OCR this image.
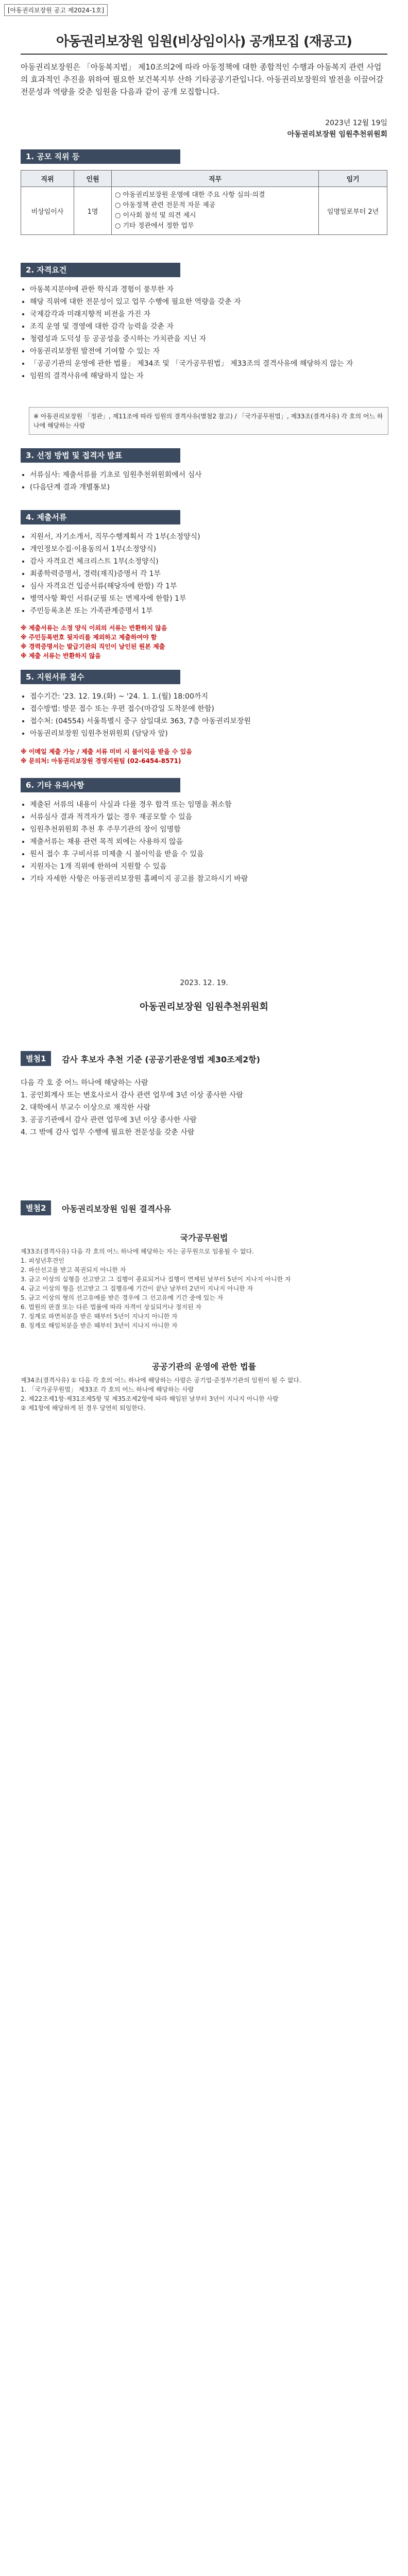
[아동권리보장원 공고 제2024-1호]
아동권리보장원 임원(비상임이사) 공개모집 (재공고)
아동권리보장원은 「아동복지법」 제10조의2에 따라 아동정책에 대한 종합적인 수행과 아동복지 관련 사업의 효과적인 추진을 위하여 필요한 보건복지부 산하 기타공공기관입니다. 아동권리보장원의 발전을 이끌어갈 전문성과 역량을 갖춘 임원을 다음과 같이 공개 모집합니다.
2023년 12월 19일
아동권리보장원 임원추천위원회
1. 공모 직위 등
직위	인원	직무	임기
비상임이사	1명	○ 아동권리보장원 운영에 대한 주요 사항 심의·의결
○ 아동정책 관련 전문적 자문 제공
○ 이사회 참석 및 의견 제시
○ 기타 정관에서 정한 업무	임명일로부터 2년
2. 자격요건
• 아동복지분야에 관한 학식과 경험이 풍부한 자
• 해당 직위에 대한 전문성이 있고 업무 수행에 필요한 역량을 갖춘 자
• 국제감각과 미래지향적 비전을 가진 자
• 조직 운영 및 경영에 대한 감각 능력을 갖춘 자
• 청렴성과 도덕성 등 공공성을 중시하는 가치관을 지닌 자
• 아동권리보장원 발전에 기여할 수 있는 자
• 「공공기관의 운영에 관한 법률」 제34조 및 「국가공무원법」 제33조의 결격사유에 해당하지 않는 자
• 임원의 결격사유에 해당하지 않는 자
※ 아동권리보장원 「정관」, 제11조에 따라 임원의 결격사유(별첨2 참고) / 「국가공무원법」, 제33조(결격사유) 각 호의 어느 하나에 해당하는 사람
3. 선정 방법 및 접격자 발표
• 서류심사: 제출서류를 기초로 임원추천위원회에서 심사
• (다음단계 결과 개별통보)
4. 제출서류
• 지원서, 자기소개서, 직무수행계획서 각 1부(소정양식)
• 개인정보수집·이용동의서 1부(소정양식)
• 감사 자격요건 체크리스트 1부(소정양식)
• 최종학력증명서, 경력(재직)증명서 각 1부
• 심사 자격요건 입증서류(해당자에 한함) 각 1부
• 병역사항 확인 서류(군필 또는 면제자에 한함) 1부
• 주민등록초본 또는 가족관계증명서 1부
※ 제출서류는 소정 양식 이외의 서류는 반환하지 않음
※ 주민등록번호 뒷자리를 제외하고 제출하여야 함
※ 경력증명서는 발급기관의 직인이 날인된 원본 제출
※ 제출 서류는 반환하지 않음
5. 지원서류 접수
• 접수기간: '23. 12. 19.(화) ~ '24. 1. 1.(월) 18:00까지
• 접수방법: 방문 접수 또는 우편 접수(마감일 도착분에 한함)
• 접수처: (04554) 서울특별시 중구 삼일대로 363, 7층 아동권리보장원
• 아동권리보장원 임원추천위원회 (담당자 앞)
※ 이메일 제출 가능 / 제출 서류 미비 시 불이익을 받을 수 있음
※ 문의처: 아동권리보장원 경영지원팀 (02-6454-8571)
6. 기타 유의사항
• 제출된 서류의 내용이 사실과 다를 경우 합격 또는 임명을 취소함
• 서류심사 결과 적격자가 없는 경우 재공모할 수 있음
• 임원추천위원회 추천 후 주무기관의 장이 임명함
• 제출서류는 채용 관련 목적 외에는 사용하지 않음
• 원서 접수 후 구비서류 미제출 시 불이익을 받을 수 있음
• 지원자는 1개 직위에 한하여 지원할 수 있음
• 기타 자세한 사항은 아동권리보장원 홈페이지 공고를 참고하시기 바람
2023. 12. 19.
아동권리보장원 임원추천위원회
별첨1	감사 후보자 추천 기준 (공공기관운영법 제30조제2항)
다음 각 호 중 어느 하나에 해당하는 사람
1. 공인회계사 또는 변호사로서 감사 관련 업무에 3년 이상 종사한 사람
2. 대학에서 부교수 이상으로 재직한 사람
3. 공공기관에서 감사 관련 업무에 3년 이상 종사한 사람
4. 그 밖에 감사 업무 수행에 필요한 전문성을 갖춘 사람
별첨2	아동권리보장원 임원 결격사유
국가공무원법
제33조(결격사유) 다음 각 호의 어느 하나에 해당하는 자는 공무원으로 임용될 수 없다.
1. 피성년후견인
2. 파산선고를 받고 복권되지 아니한 자
3. 금고 이상의 실형을 선고받고 그 집행이 종료되거나 집행이 면제된 날부터 5년이 지나지 아니한 자
4. 금고 이상의 형을 선고받고 그 집행유예 기간이 끝난 날부터 2년이 지나지 아니한 자
5. 금고 이상의 형의 선고유예를 받은 경우에 그 선고유예 기간 중에 있는 자
6. 법원의 판결 또는 다른 법률에 따라 자격이 상실되거나 정지된 자
7. 징계로 파면처분을 받은 때부터 5년이 지나지 아니한 자
8. 징계로 해임처분을 받은 때부터 3년이 지나지 아니한 자
공공기관의 운영에 관한 법률
제34조(결격사유) ① 다음 각 호의 어느 하나에 해당하는 사람은 공기업·준정부기관의 임원이 될 수 없다.
1. 「국가공무원법」 제33조 각 호의 어느 하나에 해당하는 사람
2. 제22조제1항·제31조제5항 및 제35조제2항에 따라 해임된 날부터 3년이 지나지 아니한 사람
② 제1항에 해당하게 된 경우 당연히 퇴임한다.
